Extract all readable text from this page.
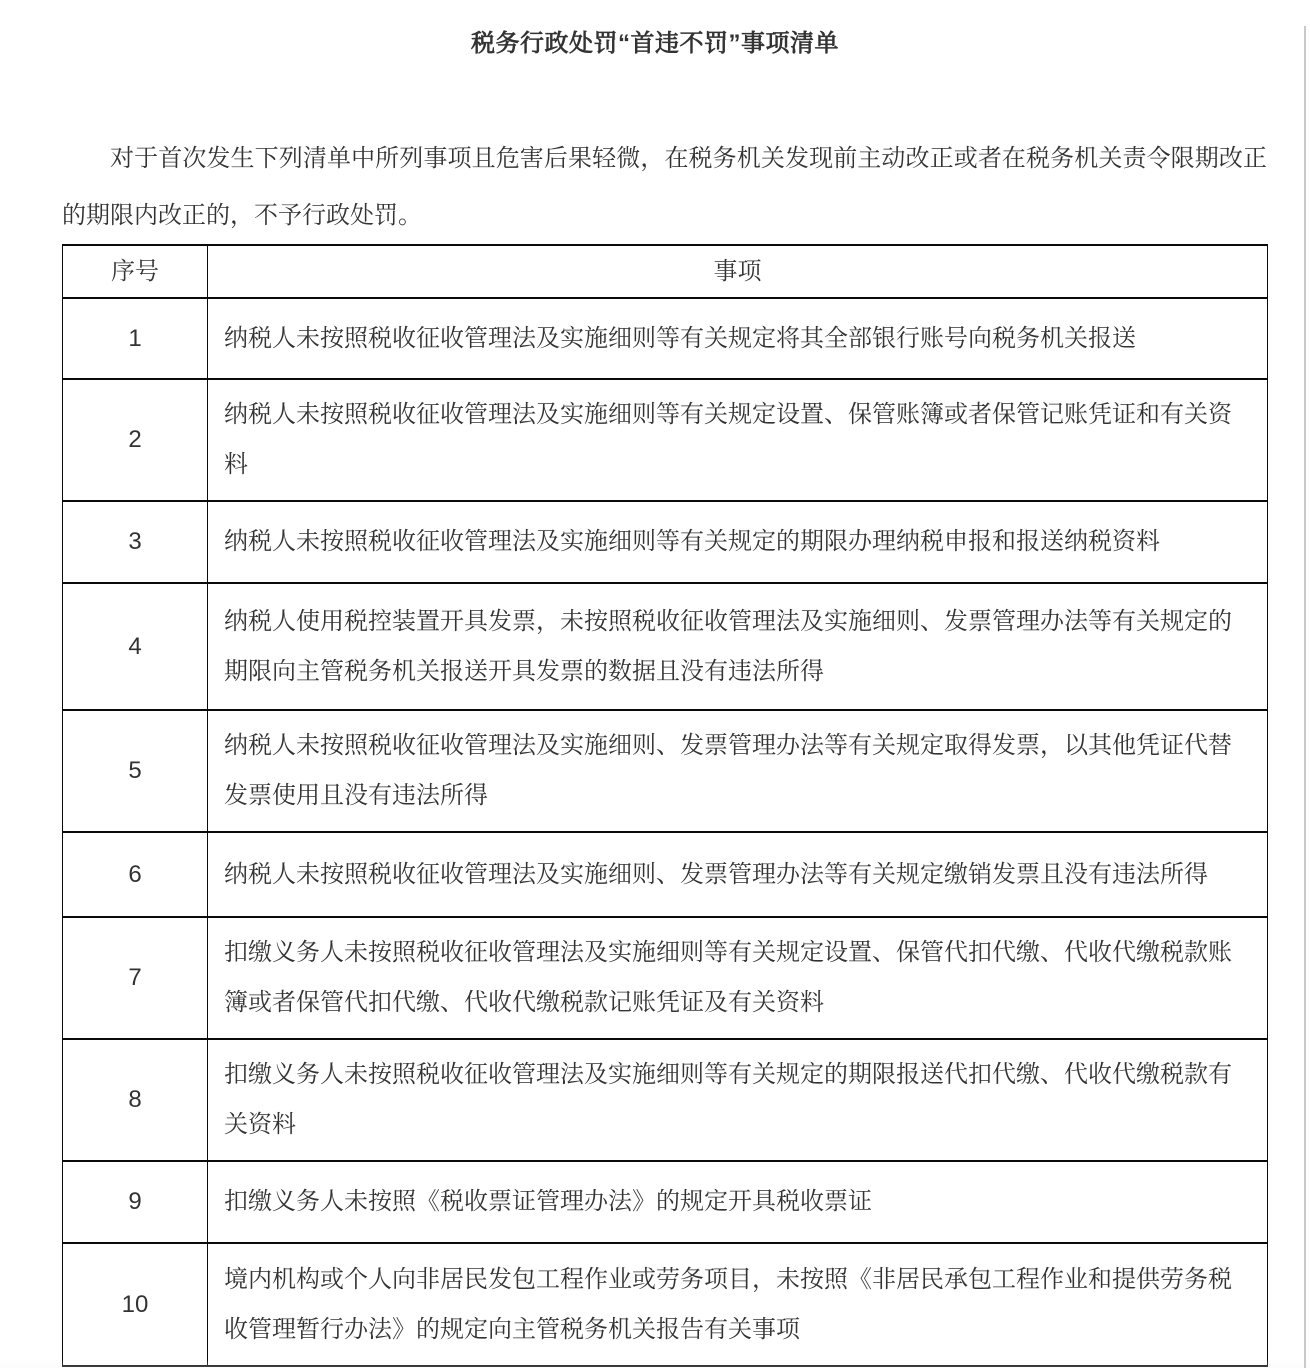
税务行政处罚“首违不罚”事项清单

对于首次发生下列清单中所列事项且危害后果轻微，在税务机关发现前主动改正或者在税务机关责令限期改正的期限内改正的，不予行政处罚。

序号	事项
1	纳税人未按照税收征收管理法及实施细则等有关规定将其全部银行账号向税务机关报送
2	纳税人未按照税收征收管理法及实施细则等有关规定设置、保管账簿或者保管记账凭证和有关资料
3	纳税人未按照税收征收管理法及实施细则等有关规定的期限办理纳税申报和报送纳税资料
4	纳税人使用税控装置开具发票，未按照税收征收管理法及实施细则、发票管理办法等有关规定的期限向主管税务机关报送开具发票的数据且没有违法所得
5	纳税人未按照税收征收管理法及实施细则、发票管理办法等有关规定取得发票，以其他凭证代替发票使用且没有违法所得
6	纳税人未按照税收征收管理法及实施细则、发票管理办法等有关规定缴销发票且没有违法所得
7	扣缴义务人未按照税收征收管理法及实施细则等有关规定设置、保管代扣代缴、代收代缴税款账簿或者保管代扣代缴、代收代缴税款记账凭证及有关资料
8	扣缴义务人未按照税收征收管理法及实施细则等有关规定的期限报送代扣代缴、代收代缴税款有关资料
9	扣缴义务人未按照《税收票证管理办法》的规定开具税收票证
10	境内机构或个人向非居民发包工程作业或劳务项目，未按照《非居民承包工程作业和提供劳务税收管理暂行办法》的规定向主管税务机关报告有关事项
